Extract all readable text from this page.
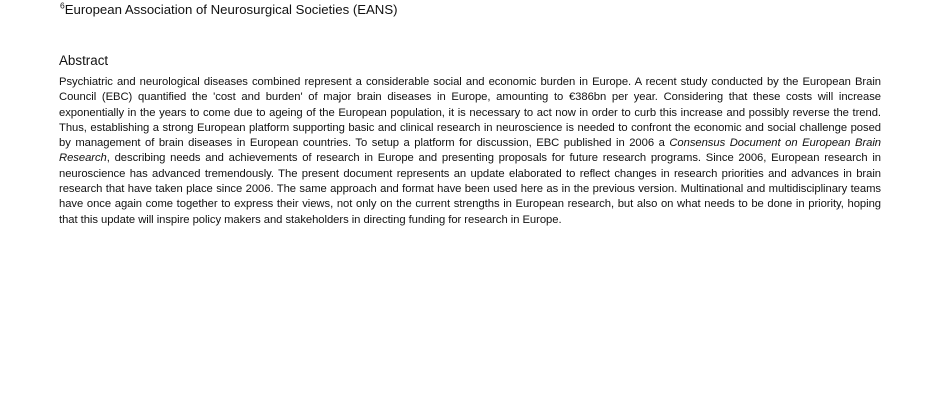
$^6$European Association of Neurosurgical Societies (EANS)
Abstract

Psychiatric and neurological diseases combined represent a considerable social and economic burden in Europe. A recent study conducted by the European Brain Council (EBC) quantified the 'cost and burden' of major brain diseases in Europe, amounting to €386bn per year. Considering that these costs will increase exponentially in the years to come due to ageing of the European population, it is necessary to act now in order to curb this increase and possibly reverse the trend. Thus, establishing a strong European platform supporting basic and clinical research in neuroscience is needed to confront the economic and social challenge posed by management of brain diseases in European countries. To setup a platform for discussion, EBC published in 2006 a Consensus Document on European Brain Research, describing needs and achievements of research in Europe and presenting proposals for future research programs. Since 2006, European research in neuroscience has advanced tremendously. The present document represents an update elaborated to reflect changes in research priorities and advances in brain research that have taken place since 2006. The same approach and format have been used here as in the previous version. Multinational and multidisciplinary teams have once again come together to express their views, not only on the current strengths in European research, but also on what needs to be done in priority, hoping that this update will inspire policy makers and stakeholders in directing funding for research in Europe.
